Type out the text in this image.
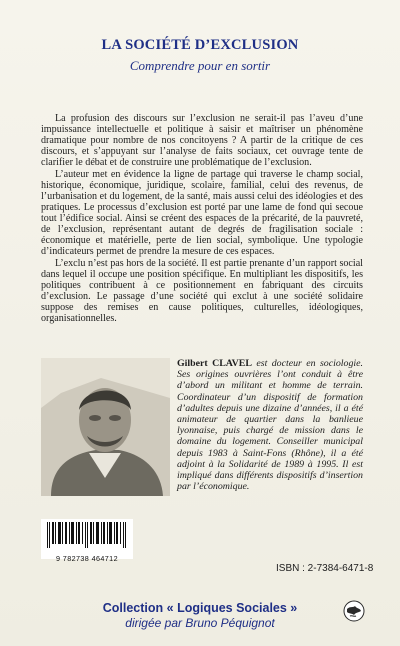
LA SOCIÉTÉ D’EXCLUSION
Comprendre pour en sortir

La profusion des discours sur l’exclusion ne serait-il pas l’aveu d’une impuissance intellectuelle et politique à saisir et maîtriser un phénomène dramatique pour nombre de nos concitoyens ? A partir de la critique de ces discours, et s’appuyant sur l’analyse de faits sociaux, cet ouvrage tente de clarifier le débat et de construire une problématique de l’exclusion.

L’auteur met en évidence la ligne de partage qui traverse le champ social, historique, économique, juridique, scolaire, familial, celui des revenus, de l’urbanisation et du logement, de la santé, mais aussi celui des idéologies et des pratiques. Le processus d’exclusion est porté par une lame de fond qui secoue tout l’édifice social. Ainsi se créent des espaces de la précarité, de la pauvreté, de l’exclusion, représentant autant de degrés de fragilisation sociale : économique et matérielle, perte de lien social, symbolique. Une typologie d’indicateurs permet de prendre la mesure de ces espaces.

L’exclu n’est pas hors de la société. Il est partie prenante d’un rapport social dans lequel il occupe une position spécifique. En multipliant les dispositifs, les politiques contribuent à ce positionnement en fabriquant des circuits d’exclusion. Le passage d’une société qui exclut à une société solidaire suppose des remises en cause politiques, culturelles, idéologiques, organisationnelles.

Gilbert CLAVEL est docteur en sociologie. Ses origines ouvrières l’ont conduit à être d’abord un militant et homme de terrain. Coordinateur d’un dispositif de formation d’adultes depuis une dizaine d’années, il a été animateur de quartier dans la banlieue lyonnaise, puis chargé de mission dans le domaine du logement. Conseiller municipal depuis 1983 à Saint-Fons (Rhône), il a été adjoint à la Solidarité de 1989 à 1995. Il est impliqué dans différents dispositifs d’insertion par l’économique.
9 782738 464712
ISBN : 2-7384-6471-8
Collection « Logiques Sociales »
dirigée par Bruno Péquignot
